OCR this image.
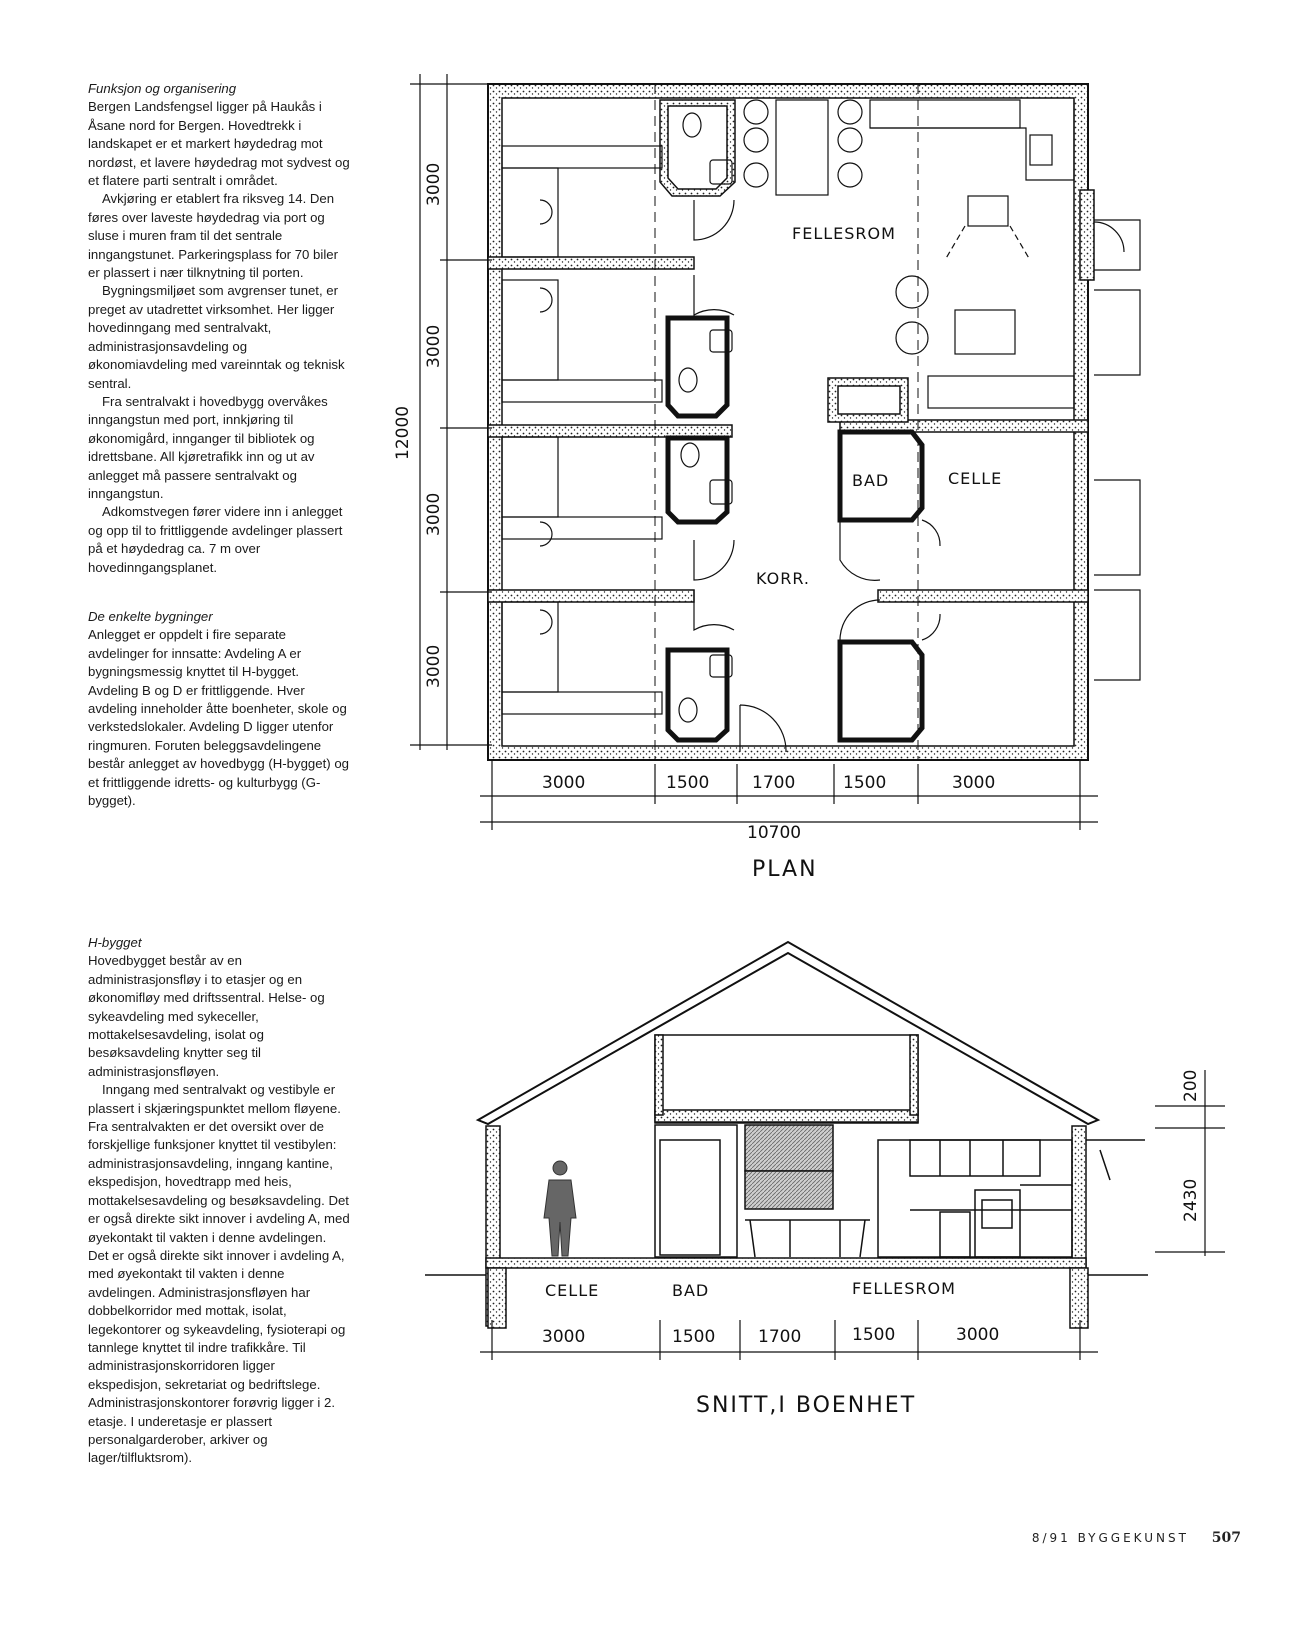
Funksjon og organisering

Bergen Landsfengsel ligger på Haukås i Åsane nord for Bergen. Hovedtrekk i landskapet er et markert høydedrag mot nordøst, et lavere høydedrag mot sydvest og et flatere parti sentralt i området.

Avkjøring er etablert fra riksveg 14. Den føres over laveste høydedrag via port og sluse i muren fram til det sentrale inngangstunet. Parkeringsplass for 70 biler er plassert i nær tilknytning til porten.

Bygningsmiljøet som avgrenser tunet, er preget av utadrettet virksomhet. Her ligger hovedinngang med sentralvakt, administrasjonsavdeling og økonomiavdeling med vareinntak og teknisk sentral.

Fra sentralvakt i hovedbygg overvåkes inngangstun med port, innkjøring til økonomigård, innganger til bibliotek og idrettsbane. All kjøretrafikk inn og ut av anlegget må passere sentralvakt og inngangstun.

Adkomstvegen fører videre inn i anlegget og opp til to frittliggende avdelinger plassert på et høydedrag ca. 7 m over hovedinngangsplanet.

De enkelte bygninger

Anlegget er oppdelt i fire separate avdelinger for innsatte: Avdeling A er bygningsmessig knyttet til H-bygget. Avdeling B og D er frittliggende. Hver avdeling inneholder åtte boenheter, skole og verkstedslokaler. Avdeling D ligger utenfor ringmuren. Foruten beleggsavdelingene består anlegget av hovedbygg (H-bygget) og et frittliggende idretts- og kulturbygg (G-bygget).

H-bygget

Hovedbygget består av en administrasjonsfløy i to etasjer og en økonomifløy med driftssentral. Helse- og sykeavdeling med sykeceller, mottakelsesavdeling, isolat og besøksavdeling knytter seg til administrasjonsfløyen.

Inngang med sentralvakt og vestibyle er plassert i skjæringspunktet mellom fløyene. Fra sentralvakten er det oversikt over de forskjellige funksjoner knyttet til vestibylen: administrasjonsavdeling, inngang kantine, ekspedisjon, hovedtrapp med heis, mottakelsesavdeling og besøksavdeling. Det er også direkte sikt innover i avdeling A, med øyekontakt til vakten i denne avdelingen. Det er også direkte sikt innover i avdeling A, med øyekontakt til vakten i denne avdelingen. Administrasjonsfløyen har dobbelkorridor med mottak, isolat, legekontorer og sykeavdeling, fysioterapi og tannlege knyttet til indre trafikkåre. Til administrasjonskorridoren ligger ekspedisjon, sekretariat og bedriftslege. Administrasjonskontorer forøvrig ligger i 2. etasje. I underetasje er plassert personalgarderober, arkiver og lager/tilfluktsrom).

FELLESROM
BAD	CELLE
KORR.
3000
3000
3000
3000
12000
3000	1500	1700	1500	3000
10700
PLAN
CELLE	BAD	FELLESROM
3000	1500	1700	1500	3000
200
2430
SNITT,I BOENHET
8/91 BYGGEKUNST 507
